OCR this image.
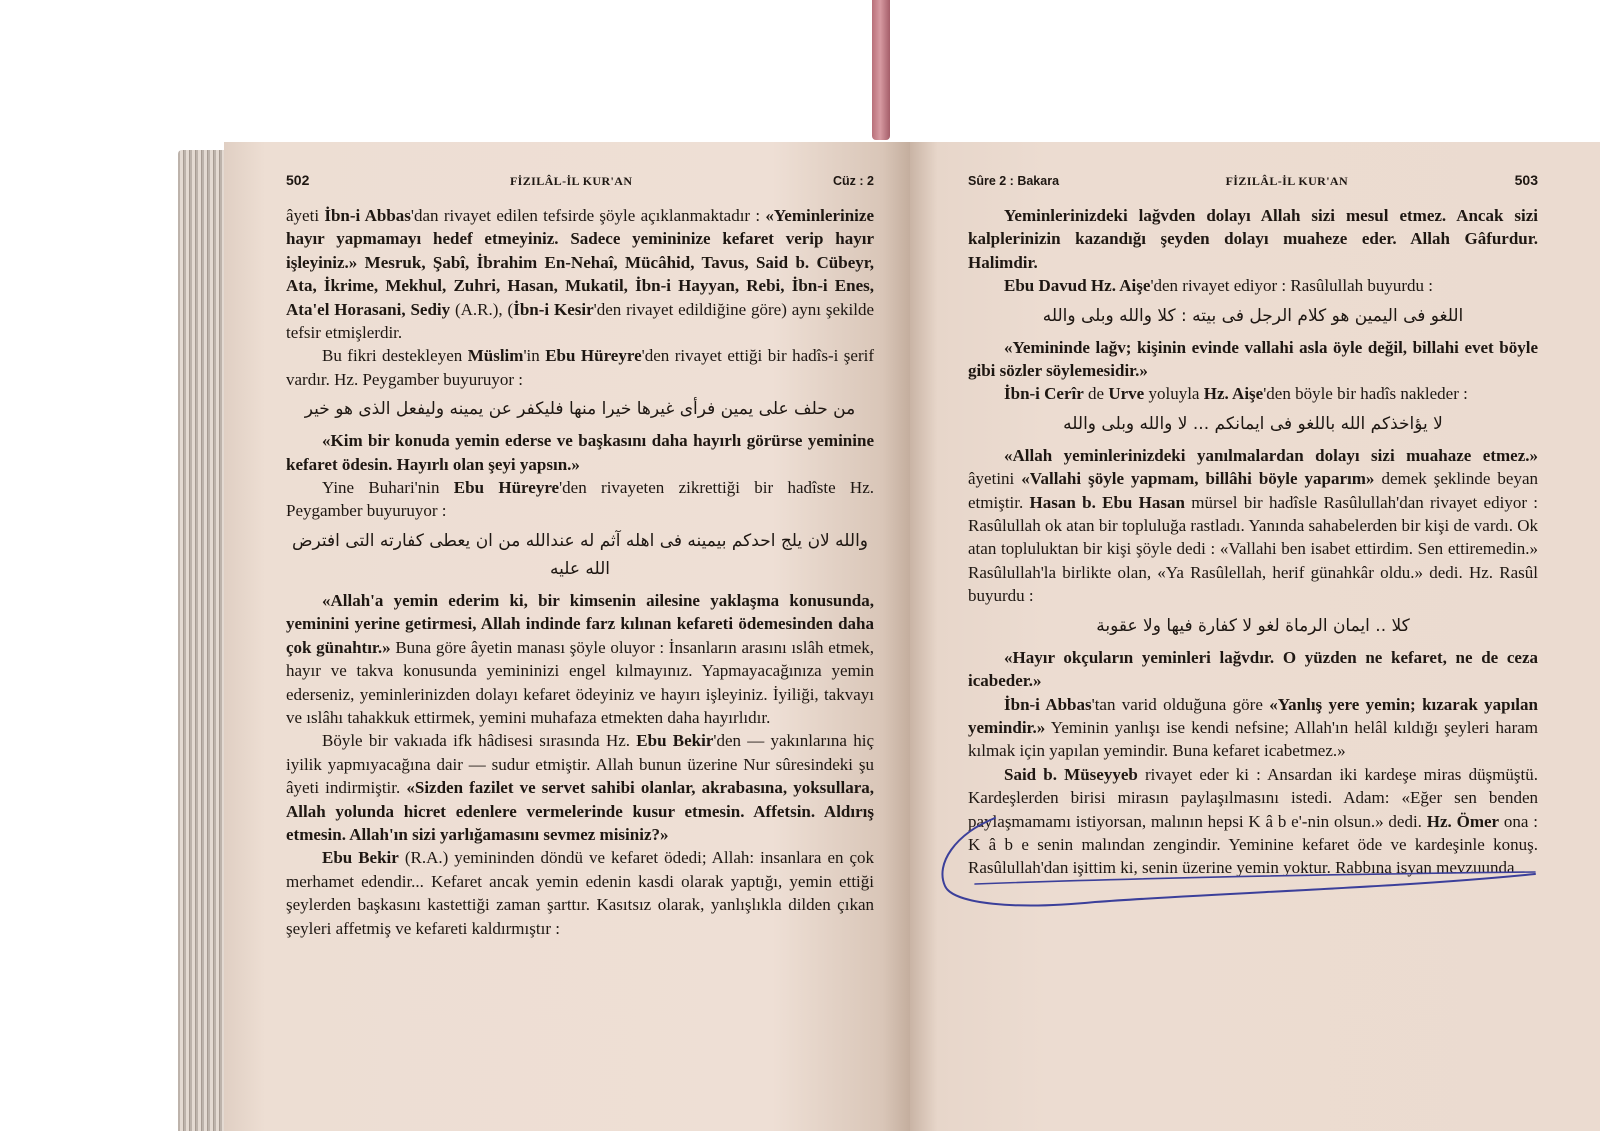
502	FİZILÂL-İL KUR'AN	Cüz : 2

âyeti İbn-i Abbas'dan rivayet edilen tefsirde şöyle açıklanmaktadır : «Yeminlerinize hayır yapmamayı hedef etmeyiniz. Sadece yemininize kefaret verip hayır işleyiniz.» Mesruk, Şabî, İbrahim En-Nehaî, Mücâhid, Tavus, Said b. Cübeyr, Ata, İkrime, Mekhul, Zuhri, Hasan, Mukatil, İbn-i Hayyan, Rebi, İbn-i Enes, Ata'el Horasani, Sediy (A.R.), (İbn-i Kesir'den rivayet edildiğine göre) aynı şekilde tefsir etmişlerdir.

Bu fikri destekleyen Müslim'in Ebu Hüreyre'den rivayet ettiği bir hadîs-i şerif vardır. Hz. Peygamber buyuruyor :

من حلف على يمين فرأى غيرها خيرا منها فليكفر عن يمينه وليفعل الذى هو خير

«Kim bir konuda yemin ederse ve başkasını daha hayırlı görürse yeminine kefaret ödesin. Hayırlı olan şeyi yapsın.»

Yine Buhari'nin Ebu Hüreyre'den rivayeten zikrettiği bir hadîste Hz. Peygamber buyuruyor :

والله لان يلج احدكم بيمينه فى اهله آثم له عندالله من ان يعطى كفارته التى افترض الله عليه

«Allah'a yemin ederim ki, bir kimsenin ailesine yaklaşma konusunda, yeminini yerine getirmesi, Allah indinde farz kılınan kefareti ödemesinden daha çok günahtır.» Buna göre âyetin manası şöyle oluyor : İnsanların arasını ıslâh etmek, hayır ve takva konusunda yemininizi engel kılmayınız. Yapmayacağınıza yemin ederseniz, yeminlerinizden dolayı kefaret ödeyiniz ve hayırı işleyiniz. İyiliği, takvayı ve ıslâhı tahakkuk ettirmek, yemini muhafaza etmekten daha hayırlıdır.

Böyle bir vakıada ifk hâdisesi sırasında Hz. Ebu Bekir'den — yakınlarına hiç iyilik yapmıyacağına dair — sudur etmiştir. Allah bunun üzerine Nur sûresindeki şu âyeti indirmiştir. «Sizden fazilet ve servet sahibi olanlar, akrabasına, yoksullara, Allah yolunda hicret edenlere vermelerinde kusur etmesin. Affetsin. Aldırış etmesin. Allah'ın sizi yarlığamasını sevmez misiniz?»

Ebu Bekir (R.A.) yemininden döndü ve kefaret ödedi; Allah: insanlara en çok merhamet edendir... Kefaret ancak yemin edenin kasdi olarak yaptığı, yemin ettiği şeylerden başkasını kastettiği zaman şarttır. Kasıtsız olarak, yanlışlıkla dilden çıkan şeyleri affetmiş ve kefareti kaldırmıştır :

Sûre 2 : Bakara	FİZILÂL-İL KUR'AN	503

Yeminlerinizdeki lağvden dolayı Allah sizi mesul etmez. Ancak sizi kalplerinizin kazandığı şeyden dolayı muaheze eder. Allah Gâfurdur. Halimdir.

Ebu Davud Hz. Aişe'den rivayet ediyor : Rasûlullah buyurdu :

اللغو فى اليمين هو كلام الرجل فى بيته : كلا والله وبلى والله

«Yemininde lağv; kişinin evinde vallahi asla öyle değil, billahi evet böyle gibi sözler söylemesidir.»

İbn-i Cerîr de Urve yoluyla Hz. Aişe'den böyle bir hadîs nakleder :

لا يؤاخذكم الله باللغو فى ايمانكم ... لا والله وبلى والله

«Allah yeminlerinizdeki yanılmalardan dolayı sizi muahaze etmez.» âyetini «Vallahi şöyle yapmam, billâhi böyle yaparım» demek şeklinde beyan etmiştir. Hasan b. Ebu Hasan mürsel bir hadîsle Rasûlullah'dan rivayet ediyor : Rasûlullah ok atan bir topluluğa rastladı. Yanında sahabelerden bir kişi de vardı. Ok atan topluluktan bir kişi şöyle dedi : «Vallahi ben isabet ettirdim. Sen ettiremedin.» Rasûlullah'la birlikte olan, «Ya Rasûlellah, herif günahkâr oldu.» dedi. Hz. Rasûl buyurdu :

كلا .. ايمان الرماة لغو لا كفارة فيها ولا عقوبة

«Hayır okçuların yeminleri lağvdır. O yüzden ne kefaret, ne de ceza icabeder.»

İbn-i Abbas'tan varid olduğuna göre «Yanlış yere yemin; kızarak yapılan yemindir.» Yeminin yanlışı ise kendi nefsine; Allah'ın helâl kıldığı şeyleri haram kılmak için yapılan yemindir. Buna kefaret icabetmez.»

Said b. Müseyyeb rivayet eder ki : Ansardan iki kardeşe miras düşmüştü. Kardeşlerden birisi mirasın paylaşılmasını istedi. Adam: «Eğer sen benden paylaşmamamı istiyorsan, malının hepsi K â b e'-nin olsun.» dedi. Hz. Ömer ona : K â b e senin malından zengindir. Yeminine kefaret öde ve kardeşinle konuş. Rasûlullah'dan işittim ki, senin üzerine yemin yoktur. Rabbına isyan mevzuunda
